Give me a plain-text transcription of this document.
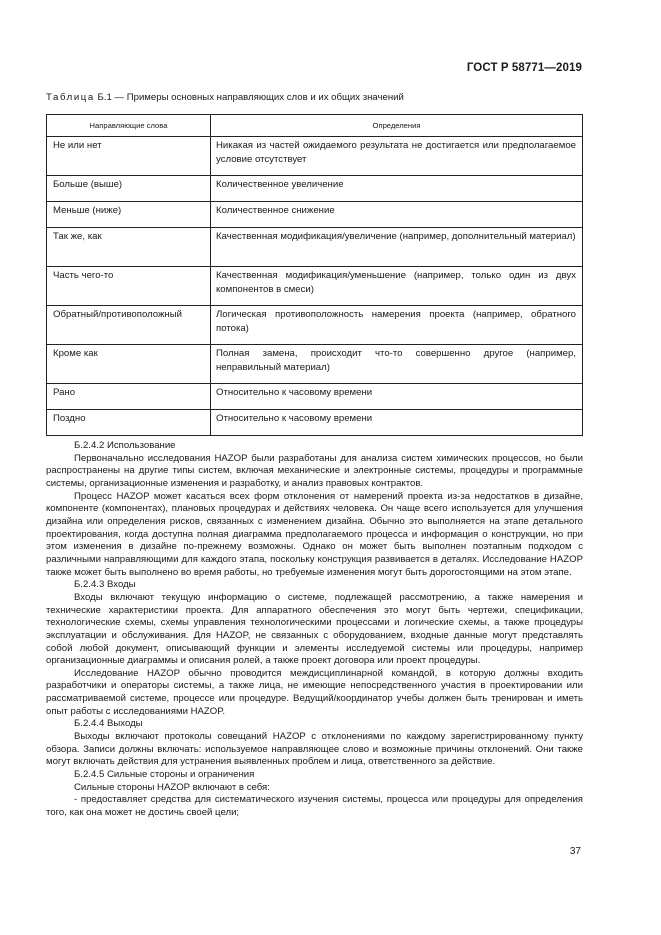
ГОСТ Р 58771—2019
Таблица Б.1 — Примеры основных направляющих слов и их общих значений
Направляющие слова	Определения
Не или нет	Никакая из частей ожидаемого результата не достигается или предполагаемое условие отсутствует
Больше (выше)	Количественное увеличение
Меньше (ниже)	Количественное снижение
Так же, как	Качественная модификация/увеличение (например, дополнительный материал)
Часть чего-то	Качественная модификация/уменьшение (например, только один из двух компонентов в смеси)
Обратный/противоположный	Логическая противоположность намерения проекта (например, обратного потока)
Кроме как	Полная замена, происходит что-то совершенно другое (например, неправильный материал)
Рано	Относительно к часовому времени
Поздно	Относительно к часовому времени

Б.2.4.2 Использование

Первоначально исследования HAZOP были разработаны для анализа систем химических процессов, но были распространены на другие типы систем, включая механические и электронные системы, процедуры и программные системы, организационные изменения и разработку, и анализ правовых контрактов.

Процесс HAZOP может касаться всех форм отклонения от намерений проекта из-за недостатков в дизайне, компоненте (компонентах), плановых процедурах и действиях человека. Он чаще всего используется для улучшения дизайна или определения рисков, связанных с изменением дизайна. Обычно это выполняется на этапе детального проектирования, когда доступна полная диаграмма предполагаемого процесса и информация о конструкции, но при этом изменения в дизайне по-прежнему возможны. Однако он может быть выполнен поэтапным подходом с различными направляющими для каждого этапа, поскольку конструкция развивается в деталях. Исследование HAZOP также может быть выполнено во время работы, но требуемые изменения могут быть дорогостоящими на этом этапе.

Б.2.4.3 Входы

Входы включают текущую информацию о системе, подлежащей рассмотрению, а также намерения и технические характеристики проекта. Для аппаратного обеспечения это могут быть чертежи, спецификации, технологические схемы, схемы управления технологическими процессами и логические схемы, а также процедуры эксплуатации и обслуживания. Для HAZOP, не связанных с оборудованием, входные данные могут представлять собой любой документ, описывающий функции и элементы исследуемой системы или процедуры, например организационные диаграммы и описания ролей, а также проект договора или проект процедуры.

Исследование HAZOP обычно проводится междисциплинарной командой, в которую должны входить разработчики и операторы системы, а также лица, не имеющие непосредственного участия в проектировании или рассматриваемой системе, процессе или процедуре. Ведущий/координатор учебы должен быть тренирован и иметь опыт работы с исследованиями HAZOP.

Б.2.4.4 Выходы

Выходы включают протоколы совещаний HAZOP с отклонениями по каждому зарегистрированному пункту обзора. Записи должны включать: используемое направляющее слово и возможные причины отклонений. Они также могут включать действия для устранения выявленных проблем и лица, ответственного за действие.

Б.2.4.5 Сильные стороны и ограничения

Сильные стороны HAZOP включают в себя:

- предоставляет средства для систематического изучения системы, процесса или процедуры для определения того, как она может не достичь своей цели;

37
